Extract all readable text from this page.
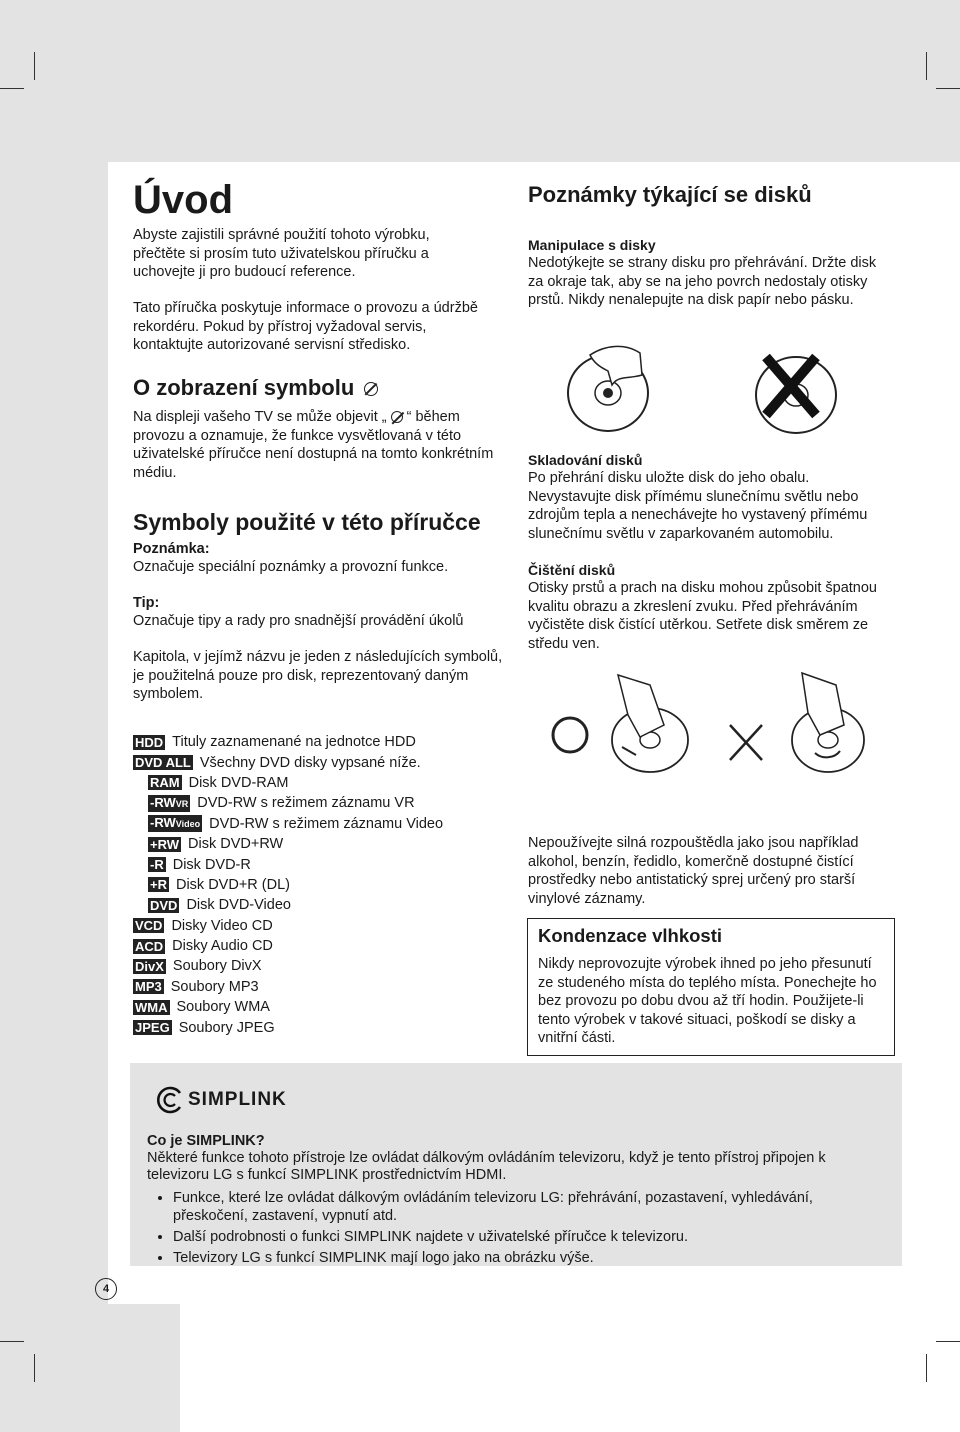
Úvod

Abyste zajistili správné použití tohoto výrobku, přečtěte si prosím tuto uživatelskou příručku a uchovejte ji pro budoucí reference.

Tato příručka poskytuje informace o provozu a údržbě rekordéru. Pokud by přístroj vyžadoval servis, kontaktujte autorizované servisní středisko.

O zobrazení symbolu

Na displeji vašeho TV se může objevit „ “ během provozu a oznamuje, že funkce vysvětlovaná v této uživatelské příručce není dostupná na tomto konkrétním médiu.

Symboly použité v této příručce
Poznámka:
Označuje speciální poznámky a provozní funkce.
Tip:
Označuje tipy a rady pro snadnější provádění úkolů

Kapitola, v jejímž názvu je jeden z následujících symbolů, je použitelná pouze pro disk, reprezentovaný daným symbolem.

HDD Tituly zaznamenané na jednotce HDD
DVD ALL Všechny DVD disky vypsané níže.
RAM Disk DVD-RAM
-RWVR DVD-RW s režimem záznamu VR
-RWVideo DVD-RW s režimem záznamu Video
+RW Disk DVD+RW
-R Disk DVD-R
+R Disk DVD+R (DL)
DVD Disk DVD-Video
VCD Disky Video CD
ACD Disky Audio CD
DivX Soubory DivX
MP3 Soubory MP3
WMA Soubory WMA
JPEG Soubory JPEG
Poznámky týkající se disků
Manipulace s disky

Nedotýkejte se strany disku pro přehrávání. Držte disk za okraje tak, aby se na jeho povrch nedostaly otisky prstů. Nikdy nenalepujte na disk papír nebo pásku.

Skladování disků

Po přehrání disku uložte disk do jeho obalu. Nevystavujte disk přímému slunečnímu světlu nebo zdrojům tepla a nenechávejte ho vystavený přímému slunečnímu světlu v zaparkovaném automobilu.

Čištění disků

Otisky prstů a prach na disku mohou způsobit špatnou kvalitu obrazu a zkreslení zvuku. Před přehráváním vyčistěte disk čistící utěrkou. Setřete disk směrem ze středu ven.

Nepoužívejte silná rozpouštědla jako jsou například alkohol, benzín, ředidlo, komerčně dostupné čistící prostředky nebo antistatický sprej určený pro starší vinylové záznamy.

Kondenzace vlhkosti
Nikdy neprovozujte výrobek ihned po jeho přesunutí ze studeného místa do teplého místa. Ponechejte ho bez provozu po dobu dvou až tří hodin. Použijete-li tento výrobek v takové situaci, poškodí se disky a vnitřní části.
SIMPLINK
Co je SIMPLINK?
Některé funkce tohoto přístroje lze ovládat dálkovým ovládáním televizoru, když je tento přístroj připojen k televizoru LG s funkcí SIMPLINK prostřednictvím HDMI.
• Funkce, které lze ovládat dálkovým ovládáním televizoru LG: přehrávání, pozastavení, vyhledávání, přeskočení, zastavení, vypnutí atd.
• Další podrobnosti o funkci SIMPLINK najdete v uživatelské příručce k televizoru.
• Televizory LG s funkcí SIMPLINK mají logo jako na obrázku výše.
4
